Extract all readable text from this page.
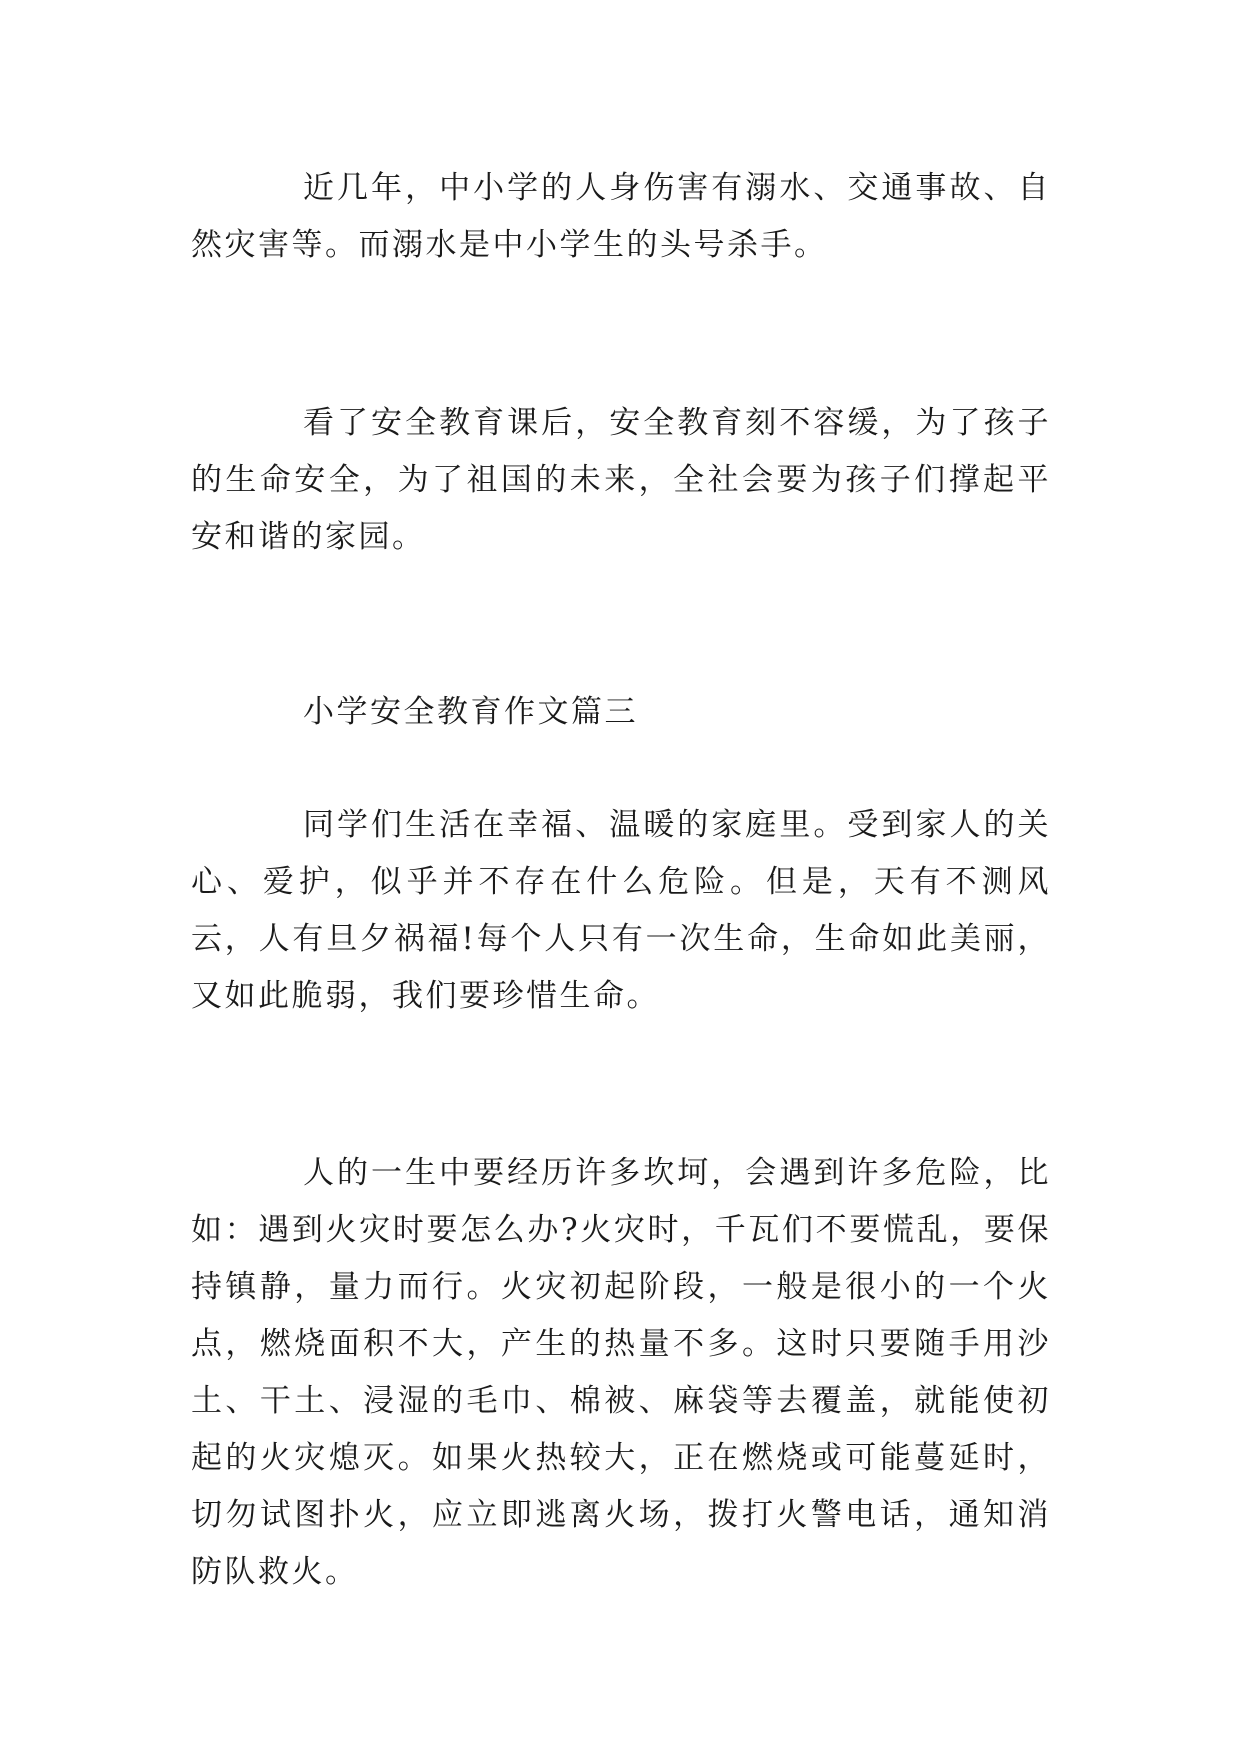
近几年，中小学的人身伤害有溺水、交通事故、自然灾害等。而溺水是中小学生的头号杀手。

看了安全教育课后，安全教育刻不容缓，为了孩子的生命安全，为了祖国的未来，全社会要为孩子们撑起平安和谐的家园。

小学安全教育作文篇三

同学们生活在幸福、温暖的家庭里。受到家人的关心、爱护，似乎并不存在什么危险。但是，天有不测风云，人有旦夕祸福!每个人只有一次生命，生命如此美丽，又如此脆弱，我们要珍惜生命。

人的一生中要经历许多坎坷，会遇到许多危险，比如：遇到火灾时要怎么办?火灾时，千瓦们不要慌乱，要保持镇静，量力而行。火灾初起阶段，一般是很小的一个火点，燃烧面积不大，产生的热量不多。这时只要随手用沙土、干土、浸湿的毛巾、棉被、麻袋等去覆盖，就能使初起的火灾熄灭。如果火热较大，正在燃烧或可能蔓延时，切勿试图扑火，应立即逃离火场，拨打火警电话，通知消防队救火。
